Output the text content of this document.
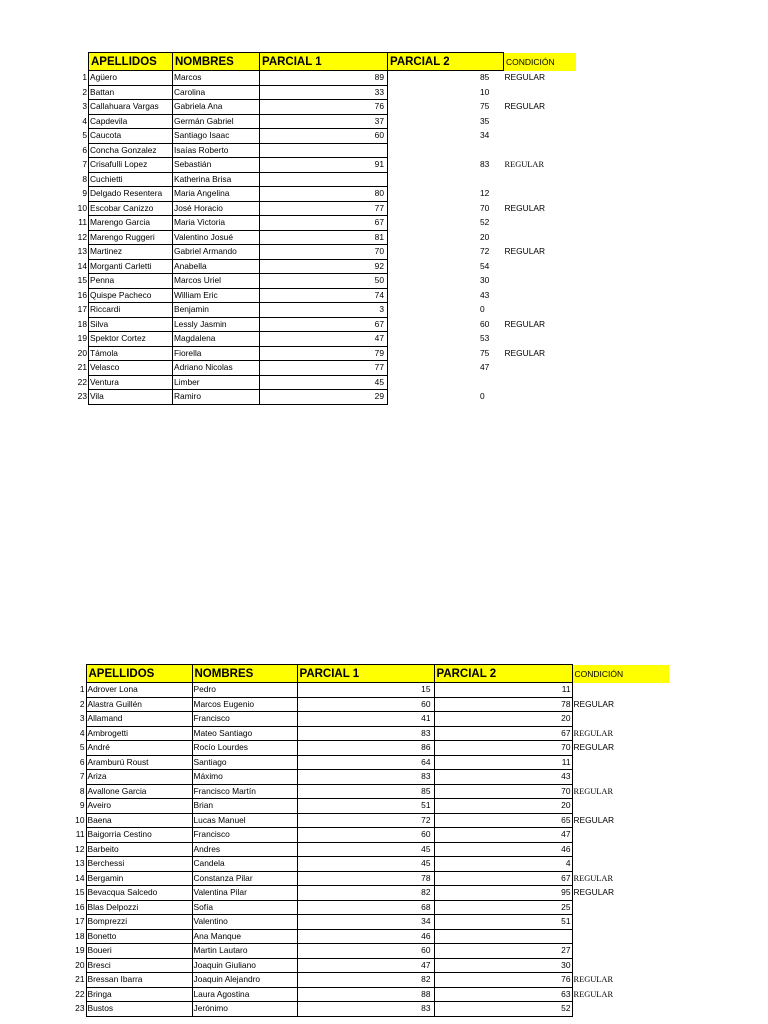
	APELLIDOS	NOMBRES	PARCIAL 1	PARCIAL 2	CONDICIÓN
1	Agüero	Marcos	89	85	REGULAR
2	Battan	Carolina	33	10	
3	Callahuara Vargas	Gabriela Ana	76	75	REGULAR
4	Capdevila	Germán Gabriel	37	35	
5	Caucota	Santiago Isaac	60	34	
6	Concha Gonzalez	Isaías Roberto			
7	Crisafulli Lopez	Sebastián	91	83	REGULAR
8	Cuchietti	Katherina Brisa			
9	Delgado Resentera	Maria Angelina	80	12	
10	Escobar Canizzo	José Horacio	77	70	REGULAR
11	Marengo Garcia	Maria Victoria	67	52	
12	Marengo Ruggeri	Valentino Josué	81	20	
13	Martinez	Gabriel Armando	70	72	REGULAR
14	Morganti Carletti	Anabella	92	54	
15	Penna	Marcos Uriel	50	30	
16	Quispe Pacheco	William Eric	74	43	
17	Riccardi	Benjamin	3	0	
18	Silva	Lessly Jasmin	67	60	REGULAR
19	Spektor Cortez	Magdalena	47	53	
20	Támola	Fiorella	79	75	REGULAR
21	Velasco	Adriano Nicolas	77	47	
22	Ventura	Limber	45		
23	Vila	Ramiro	29	0	
	APELLIDOS	NOMBRES	PARCIAL 1	PARCIAL 2	CONDICIÓN
1	Adrover Lona	Pedro	15	11	
2	Alastra Guillén	Marcos Eugenio	60	78	REGULAR
3	Allamand	Francisco	41	20	
4	Ambrogetti	Mateo Santiago	83	67	REGULAR
5	André	Rocío Lourdes	86	70	REGULAR
6	Aramburú Roust	Santiago	64	11	
7	Ariza	Máximo	83	43	
8	Avallone Garcia	Francisco Martín	85	70	REGULAR
9	Aveiro	Brian	51	20	
10	Baena	Lucas Manuel	72	65	REGULAR
11	Baigorria Cestino	Francisco	60	47	
12	Barbeito	Andres	45	46	
13	Berchessi	Candela	45	4	
14	Bergamin	Constanza Pilar	78	67	REGULAR
15	Bevacqua Salcedo	Valentina Pilar	82	95	REGULAR
16	Blas Delpozzi	Sofía	68	25	
17	Bomprezzi	Valentino	34	51	
18	Bonetto	Ana Manque	46		
19	Boueri	Martin Lautaro	60	27	
20	Bresci	Joaquin Giuliano	47	30	
21	Bressan Ibarra	Joaquin Alejandro	82	76	REGULAR
22	Bringa	Laura Agostina	88	63	REGULAR
23	Bustos	Jerónimo	83	52	
